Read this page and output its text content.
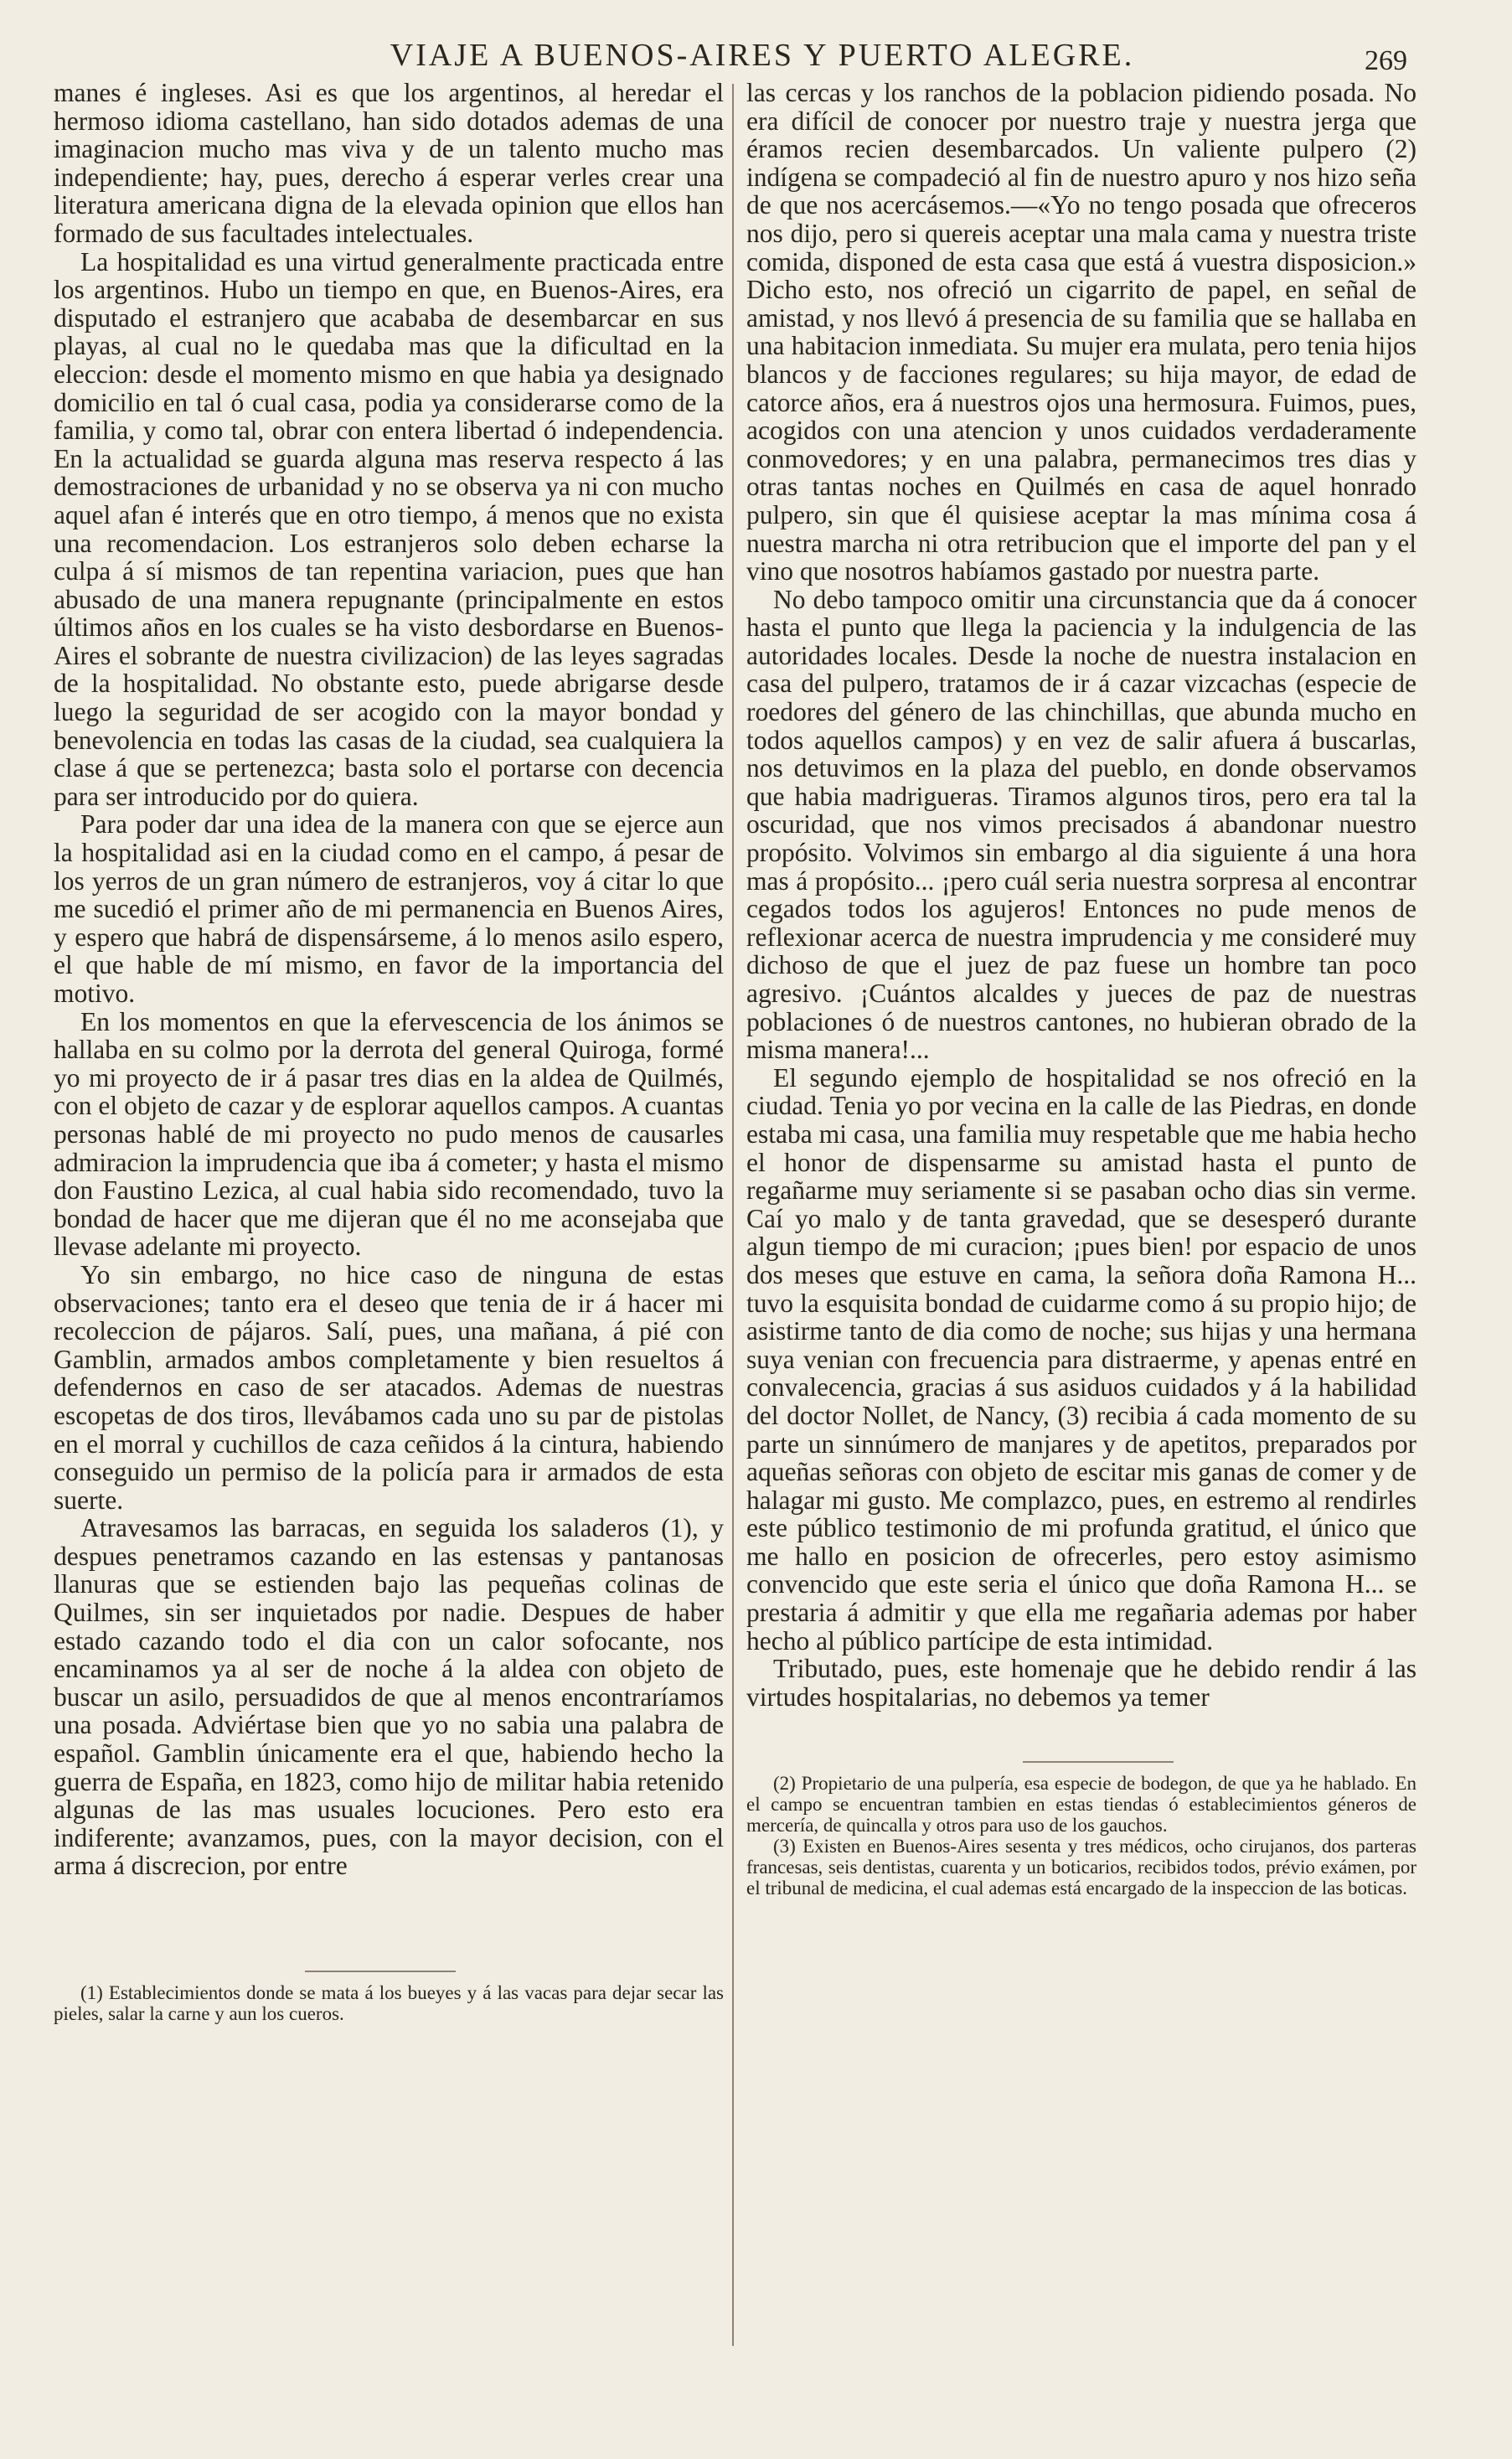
VIAJE A BUENOS-AIRES Y PUERTO ALEGRE.	269

manes é ingleses. Asi es que los argentinos, al heredar el hermoso idioma castellano, han sido dotados ademas de una imaginacion mucho mas viva y de un talento mucho mas independiente; hay, pues, derecho á esperar verles crear una literatura americana digna de la elevada opinion que ellos han formado de sus facultades intelectuales.

La hospitalidad es una virtud generalmente practicada entre los argentinos. Hubo un tiempo en que, en Buenos-Aires, era disputado el estranjero que acababa de desembarcar en sus playas, al cual no le quedaba mas que la dificultad en la eleccion: desde el momento mismo en que habia ya designado domicilio en tal ó cual casa, podia ya considerarse como de la familia, y como tal, obrar con entera libertad ó independencia. En la actualidad se guarda alguna mas reserva respecto á las demostraciones de urbanidad y no se observa ya ni con mucho aquel afan é interés que en otro tiempo, á menos que no exista una recomendacion. Los estranjeros solo deben echarse la culpa á sí mismos de tan repentina variacion, pues que han abusado de una manera repugnante (principalmente en estos últimos años en los cuales se ha visto desbordarse en Buenos-Aires el sobrante de nuestra civilizacion) de las leyes sagradas de la hospitalidad. No obstante esto, puede abrigarse desde luego la seguridad de ser acogido con la mayor bondad y benevolencia en todas las casas de la ciudad, sea cualquiera la clase á que se pertenezca; basta solo el portarse con decencia para ser introducido por do quiera.

Para poder dar una idea de la manera con que se ejerce aun la hospitalidad asi en la ciudad como en el campo, á pesar de los yerros de un gran número de estranjeros, voy á citar lo que me sucedió el primer año de mi permanencia en Buenos Aires, y espero que habrá de dispensárseme, á lo menos asilo espero, el que hable de mí mismo, en favor de la importancia del motivo.

En los momentos en que la efervescencia de los ánimos se hallaba en su colmo por la derrota del general Quiroga, formé yo mi proyecto de ir á pasar tres dias en la aldea de Quilmés, con el objeto de cazar y de esplorar aquellos campos. A cuantas personas hablé de mi proyecto no pudo menos de causarles admiracion la imprudencia que iba á cometer; y hasta el mismo don Faustino Lezica, al cual habia sido recomendado, tuvo la bondad de hacer que me dijeran que él no me aconsejaba que llevase adelante mi proyecto.

Yo sin embargo, no hice caso de ninguna de estas observaciones; tanto era el deseo que tenia de ir á hacer mi recoleccion de pájaros. Salí, pues, una mañana, á pié con Gamblin, armados ambos completamente y bien resueltos á defendernos en caso de ser atacados. Ademas de nuestras escopetas de dos tiros, llevábamos cada uno su par de pistolas en el morral y cuchillos de caza ceñidos á la cintura, habiendo conseguido un permiso de la policía para ir armados de esta suerte.

Atravesamos las barracas, en seguida los saladeros (1), y despues penetramos cazando en las estensas y pantanosas llanuras que se estienden bajo las pequeñas colinas de Quilmes, sin ser inquietados por nadie. Despues de haber estado cazando todo el dia con un calor sofocante, nos encaminamos ya al ser de noche á la aldea con objeto de buscar un asilo, persuadidos de que al menos encontraríamos una posada. Adviértase bien que yo no sabia una palabra de español. Gamblin únicamente era el que, habiendo hecho la guerra de España, en 1823, como hijo de militar habia retenido algunas de las mas usuales locuciones. Pero esto era indiferente; avanzamos, pues, con la mayor decision, con el arma á discrecion, por entre

(1) Establecimientos donde se mata á los bueyes y á las vacas para dejar secar las pieles, salar la carne y aun los cueros.

las cercas y los ranchos de la poblacion pidiendo posada. No era difícil de conocer por nuestro traje y nuestra jerga que éramos recien desembarcados. Un valiente pulpero (2) indígena se compadeció al fin de nuestro apuro y nos hizo seña de que nos acercásemos.—«Yo no tengo posada que ofreceros nos dijo, pero si quereis aceptar una mala cama y nuestra triste comida, disponed de esta casa que está á vuestra disposicion.» Dicho esto, nos ofreció un cigarrito de papel, en señal de amistad, y nos llevó á presencia de su familia que se hallaba en una habitacion inmediata. Su mujer era mulata, pero tenia hijos blancos y de facciones regulares; su hija mayor, de edad de catorce años, era á nuestros ojos una hermosura. Fuimos, pues, acogidos con una atencion y unos cuidados verdaderamente conmovedores; y en una palabra, permanecimos tres dias y otras tantas noches en Quilmés en casa de aquel honrado pulpero, sin que él quisiese aceptar la mas mínima cosa á nuestra marcha ni otra retribucion que el importe del pan y el vino que nosotros habíamos gastado por nuestra parte.

No debo tampoco omitir una circunstancia que da á conocer hasta el punto que llega la paciencia y la indulgencia de las autoridades locales. Desde la noche de nuestra instalacion en casa del pulpero, tratamos de ir á cazar vizcachas (especie de roedores del género de las chinchillas, que abunda mucho en todos aquellos campos) y en vez de salir afuera á buscarlas, nos detuvimos en la plaza del pueblo, en donde observamos que habia madrigueras. Tiramos algunos tiros, pero era tal la oscuridad, que nos vimos precisados á abandonar nuestro propósito. Volvimos sin embargo al dia siguiente á una hora mas á propósito... ¡pero cuál seria nuestra sorpresa al encontrar cegados todos los agujeros! Entonces no pude menos de reflexionar acerca de nuestra imprudencia y me consideré muy dichoso de que el juez de paz fuese un hombre tan poco agresivo. ¡Cuántos alcaldes y jueces de paz de nuestras poblaciones ó de nuestros cantones, no hubieran obrado de la misma manera!...

El segundo ejemplo de hospitalidad se nos ofreció en la ciudad. Tenia yo por vecina en la calle de las Piedras, en donde estaba mi casa, una familia muy respetable que me habia hecho el honor de dispensarme su amistad hasta el punto de regañarme muy seriamente si se pasaban ocho dias sin verme. Caí yo malo y de tanta gravedad, que se desesperó durante algun tiempo de mi curacion; ¡pues bien! por espacio de unos dos meses que estuve en cama, la señora doña Ramona H... tuvo la esquisita bondad de cuidarme como á su propio hijo; de asistirme tanto de dia como de noche; sus hijas y una hermana suya venian con frecuencia para distraerme, y apenas entré en convalecencia, gracias á sus asiduos cuidados y á la habilidad del doctor Nollet, de Nancy, (3) recibia á cada momento de su parte un sinnúmero de manjares y de apetitos, preparados por aqueñas señoras con objeto de escitar mis ganas de comer y de halagar mi gusto. Me complazco, pues, en estremo al rendirles este público testimonio de mi profunda gratitud, el único que me hallo en posicion de ofrecerles, pero estoy asimismo convencido que este seria el único que doña Ramona H... se prestaria á admitir y que ella me regañaria ademas por haber hecho al público partícipe de esta intimidad.

Tributado, pues, este homenaje que he debido rendir á las virtudes hospitalarias, no debemos ya temer

(2) Propietario de una pulpería, esa especie de bodegon, de que ya he hablado. En el campo se encuentran tambien en estas tiendas ó establecimientos géneros de mercería, de quincalla y otros para uso de los gauchos.

(3) Existen en Buenos-Aires sesenta y tres médicos, ocho cirujanos, dos parteras francesas, seis dentistas, cuarenta y un boticarios, recibidos todos, prévio exámen, por el tribunal de medicina, el cual ademas está encargado de la inspeccion de las boticas.
